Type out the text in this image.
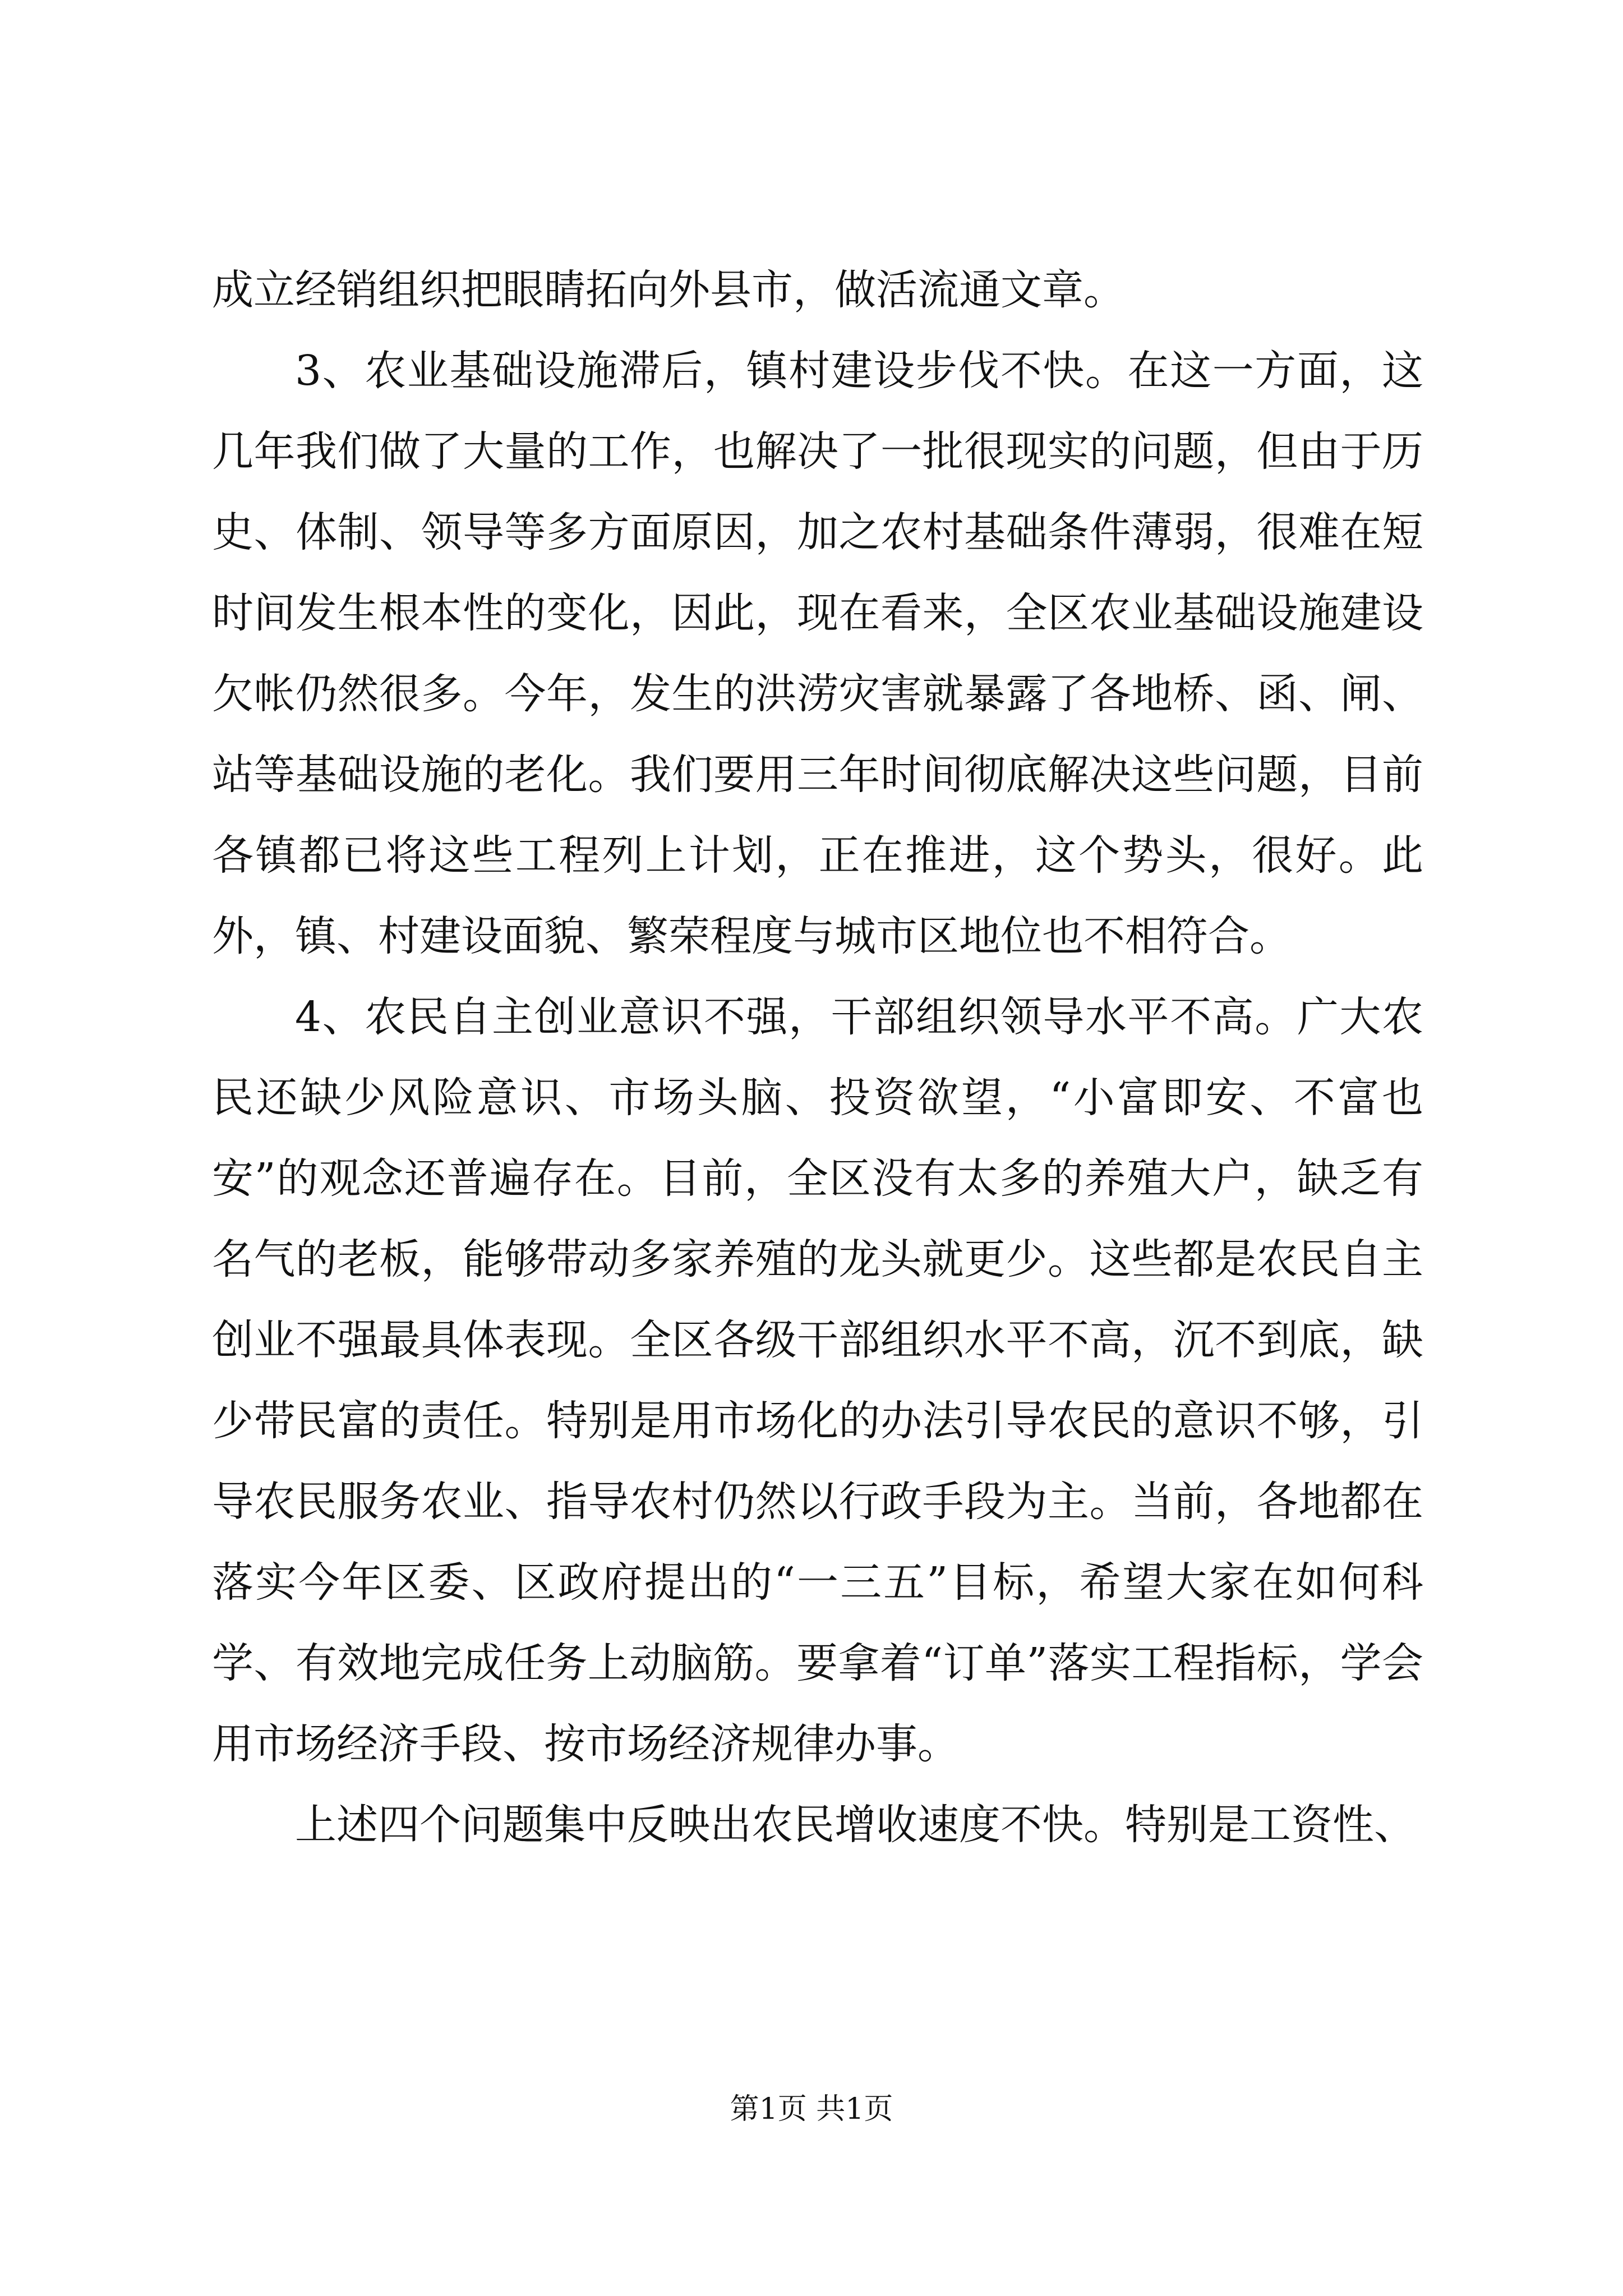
成立经销组织把眼睛拓向外县市，做活流通文章。

3、农业基础设施滞后，镇村建设步伐不快。在这一方面，这几年我们做了大量的工作，也解决了一批很现实的问题，但由于历史、体制、领导等多方面原因，加之农村基础条件薄弱，很难在短时间发生根本性的变化，因此，现在看来，全区农业基础设施建设欠帐仍然很多。今年，发生的洪涝灾害就暴露了各地桥、函、闸、站等基础设施的老化。我们要用三年时间彻底解决这些问题，目前各镇都已将这些工程列上计划，正在推进，这个势头，很好。此外，镇、村建设面貌、繁荣程度与城市区地位也不相符合。

4、农民自主创业意识不强，干部组织领导水平不高。广大农民还缺少风险意识、市场头脑、投资欲望，“小富即安、不富也安”的观念还普遍存在。目前，全区没有太多的养殖大户，缺乏有名气的老板，能够带动多家养殖的龙头就更少。这些都是农民自主创业不强最具体表现。全区各级干部组织水平不高，沉不到底，缺少带民富的责任。特别是用市场化的办法引导农民的意识不够，引导农民服务农业、指导农村仍然以行政手段为主。当前，各地都在落实今年区委、区政府提出的“一三五”目标，希望大家在如何科学、有效地完成任务上动脑筋。要拿着“订单”落实工程指标，学会用市场经济手段、按市场经济规律办事。

上述四个问题集中反映出农民增收速度不快。特别是工资性、

第1页 共1页
